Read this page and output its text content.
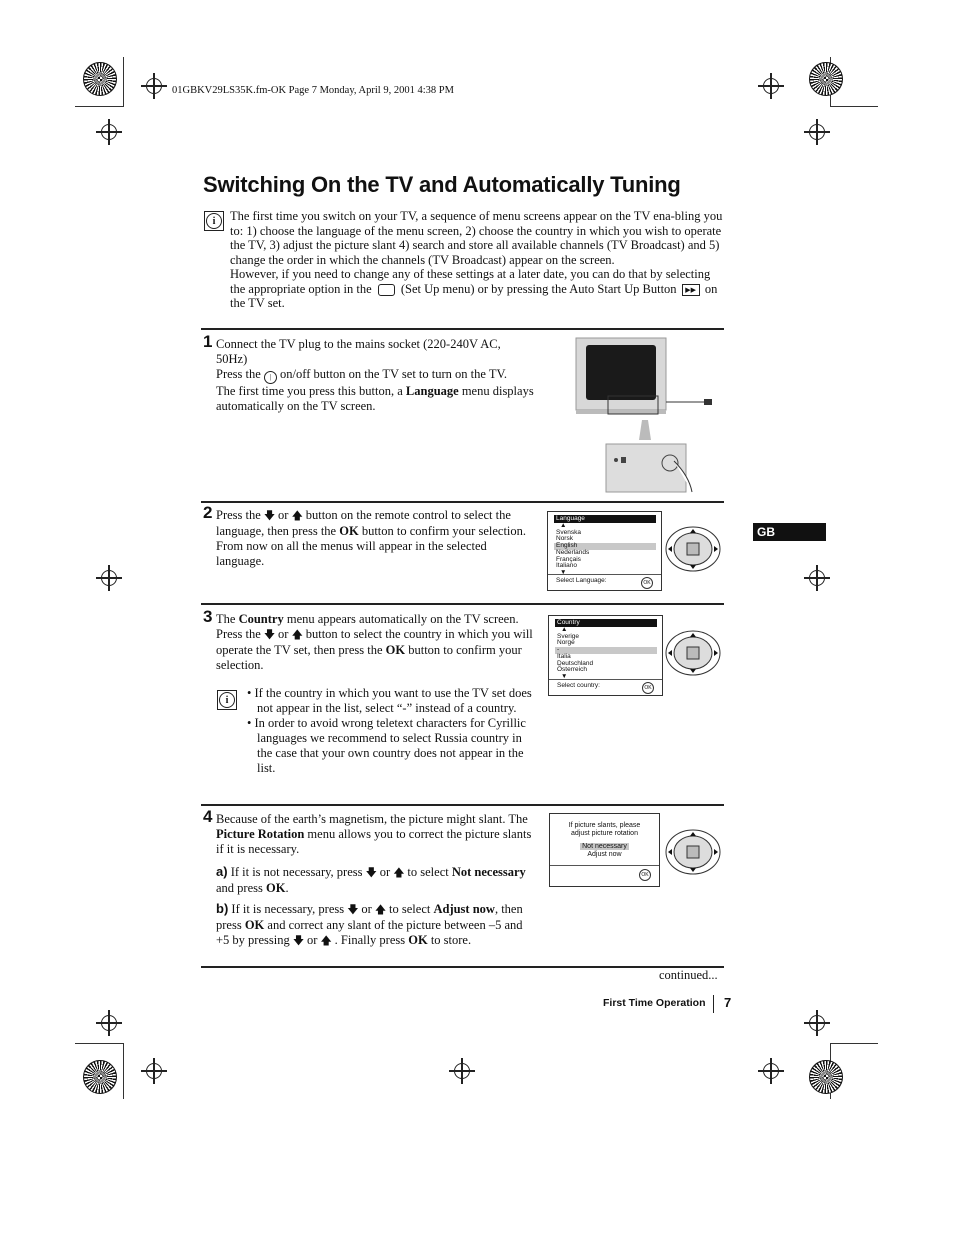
01GBKV29LS35K.fm-OK Page 7 Monday, April 9, 2001 4:38 PM
Switching On the TV and Automatically Tuning
i	The first time you switch on your TV, a sequence of menu screens appear on the TV ena-bling you to: 1) choose the language of the menu screen, 2) choose the country in which you wish to operate the TV, 3) adjust the picture slant 4) search and store all available channels (TV Broadcast) and 5) change the order in which the channels (TV Broadcast) appear on the screen.
However, if you need to change any of these settings at a later date, you can do that by selecting the appropriate option in the (Set Up menu) or by pressing the Auto Start Up Button ▶▶ on the TV set.
1 Connect the TV plug to the mains socket (220-240V AC, 50Hz)
Press the | on/off button on the TV set to turn on the TV.
The first time you press this button, a Language menu displays automatically on the TV screen.
2 Press the 🡇 or 🡅 button on the remote control to select the language, then press the OK button to confirm your selection. From now on all the menus will appear in the selected language.
Language
▲
Svenska
Norsk
English
Nederlands
Français
Italiano
▼
Select Language:	OK
GB
3 The Country menu appears automatically on the TV screen. Press the 🡇 or 🡅 button to select the country in which you will operate the TV set, then press the OK button to confirm your selection.
i	• If the country in which you want to use the TV set does not appear in the list, select “-” instead of a country.
• In order to avoid wrong teletext characters for Cyrillic languages we recommend to select Russia country in the case that your own country does not appear in the list.
Country
▲
Sverige
Norge
-
Italia
Deutschland
Österreich
▼
Select country:	OK
4 Because of the earth’s magnetism, the picture might slant. The Picture Rotation menu allows you to correct the picture slants if it is necessary.
a) If it is not necessary, press 🡇 or 🡅 to select Not necessary and press OK.
b) If it is necessary, press 🡇 or 🡅 to select Adjust now, then press OK and correct any slant of the picture between –5 and +5 by pressing 🡇 or 🡅 . Finally press OK to store.
If picture slants, please
adjust picture rotation
Not necessary
Adjust now
OK
continued...
First Time Operation 7
